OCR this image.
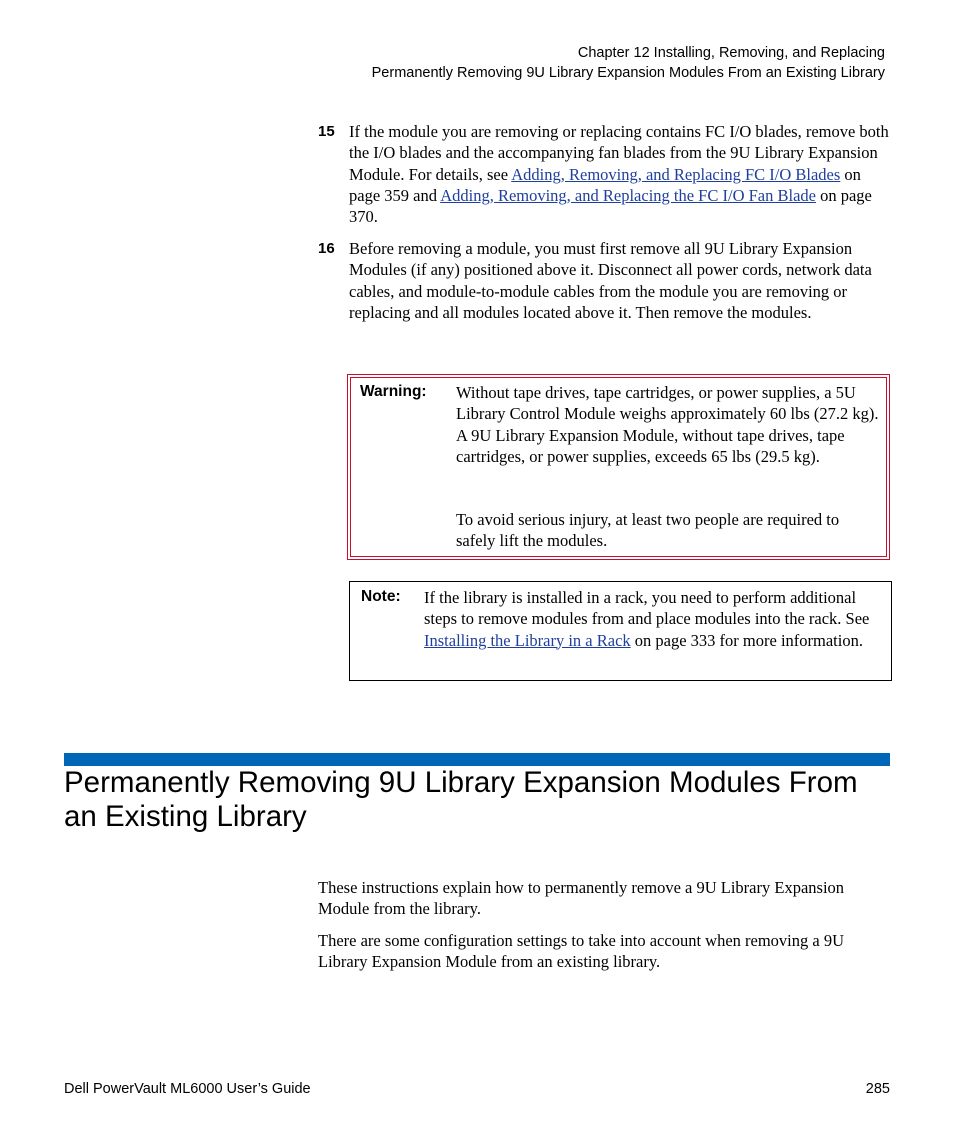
Chapter 12 Installing, Removing, and Replacing
Permanently Removing 9U Library Expansion Modules From an Existing Library
15 If the module you are removing or replacing contains FC I/O blades, remove both the I/O blades and the accompanying fan blades from the 9U Library Expansion Module. For details, see Adding, Removing, and Replacing FC I/O Blades on page 359 and Adding, Removing, and Replacing the FC I/O Fan Blade on page 370.
16 Before removing a module, you must first remove all 9U Library Expansion Modules (if any) positioned above it. Disconnect all power cords, network data cables, and module-to-module cables from the module you are removing or replacing and all modules located above it. Then remove the modules.
Warning: Without tape drives, tape cartridges, or power supplies, a 5U Library Control Module weighs approximately 60 lbs (27.2 kg). A 9U Library Expansion Module, without tape drives, tape cartridges, or power supplies, exceeds 65 lbs (29.5 kg).
To avoid serious injury, at least two people are required to safely lift the modules.
Note: If the library is installed in a rack, you need to perform additional steps to remove modules from and place modules into the rack. See Installing the Library in a Rack on page 333 for more information.
Permanently Removing 9U Library Expansion Modules From an Existing Library
These instructions explain how to permanently remove a 9U Library Expansion Module from the library.
There are some configuration settings to take into account when removing a 9U Library Expansion Module from an existing library.
Dell PowerVault ML6000 User’s Guide	285
